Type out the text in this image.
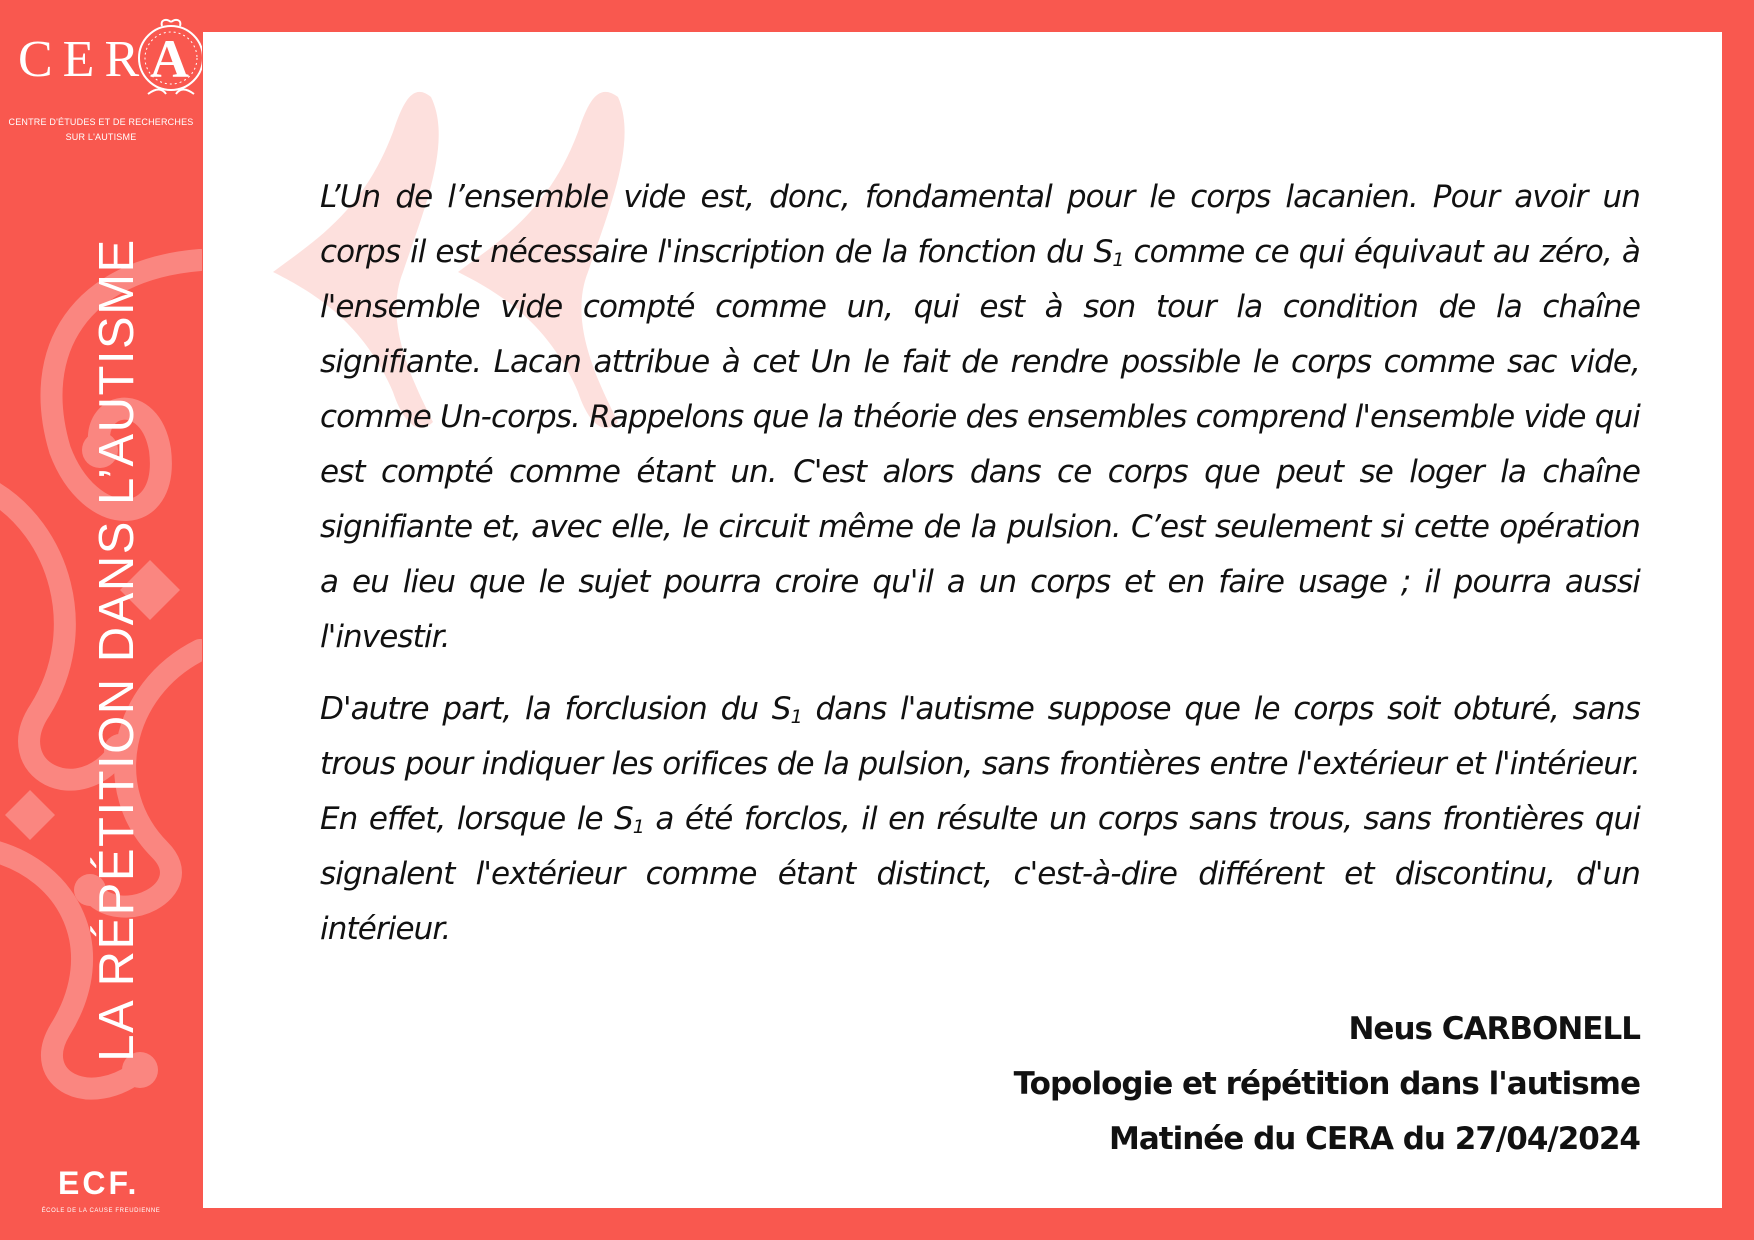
CER A
CENTRE D'ÉTUDES ET DE RECHERCHES
SUR L'AUTISME
LA RÉPÉTITION DANS L’AUTISME
ECF.
ÉCOLE DE LA CAUSE FREUDIENNE

L’Un de l’ensemble vide est, donc, fondamental pour le corps lacanien. Pour avoir un corps il est nécessaire l'inscription de la fonction du $S_1$ comme ce qui équivaut au zéro, à l'ensemble vide compté comme un, qui est à son tour la condition de la chaîne signifiante. Lacan attribue à cet Un le fait de rendre possible le corps comme sac vide, comme Un-corps. Rappelons que la théorie des ensembles comprend l'ensemble vide qui est compté comme étant un. C'est alors dans ce corps que peut se loger la chaîne signifiante et, avec elle, le circuit même de la pulsion. C’est seulement si cette opération a eu lieu que le sujet pourra croire qu'il a un corps et en faire usage ; il pourra aussi l'investir.

D'autre part, la forclusion du $S_1$ dans l'autisme suppose que le corps soit obturé, sans trous pour indiquer les orifices de la pulsion, sans frontières entre l'extérieur et l'intérieur. En effet, lorsque le $S_1$ a été forclos, il en résulte un corps sans trous, sans frontières qui signalent l'extérieur comme étant distinct, c'est-à-dire différent et discontinu, d'un intérieur.

Neus CARBONELL
Topologie et répétition dans l'autisme
Matinée du CERA du 27/04/2024
